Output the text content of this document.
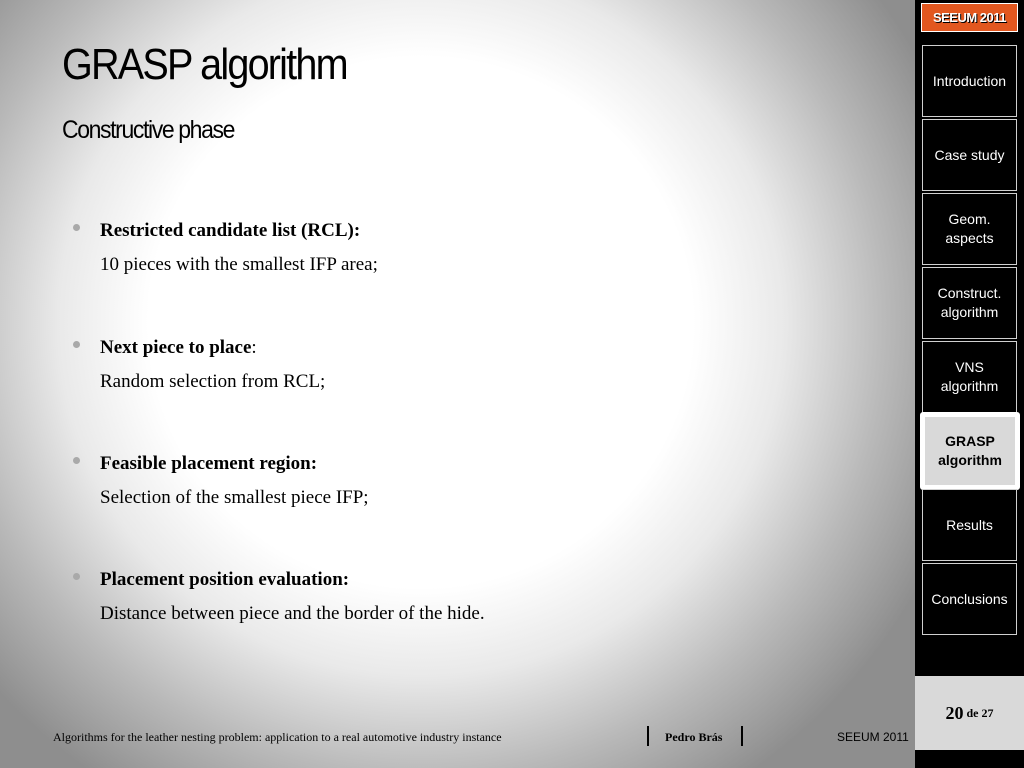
GRASP algorithm
Constructive phase
Restricted candidate list (RCL):
10 pieces with the smallest IFP area;
Next piece to place:
Random selection from RCL;
Feasible placement region:
Selection of the smallest piece IFP;
Placement position evaluation:
Distance between piece and the border of the hide.
Algorithms for the leather nesting problem: application to a real automotive industry instance	Pedro Brás	SEEUM 2011
SEEUM 2011
Introduction
Case study
Geom. aspects
Construct. algorithm
VNS algorithm
GRASP algorithm
Results
Conclusions
20 de 27
